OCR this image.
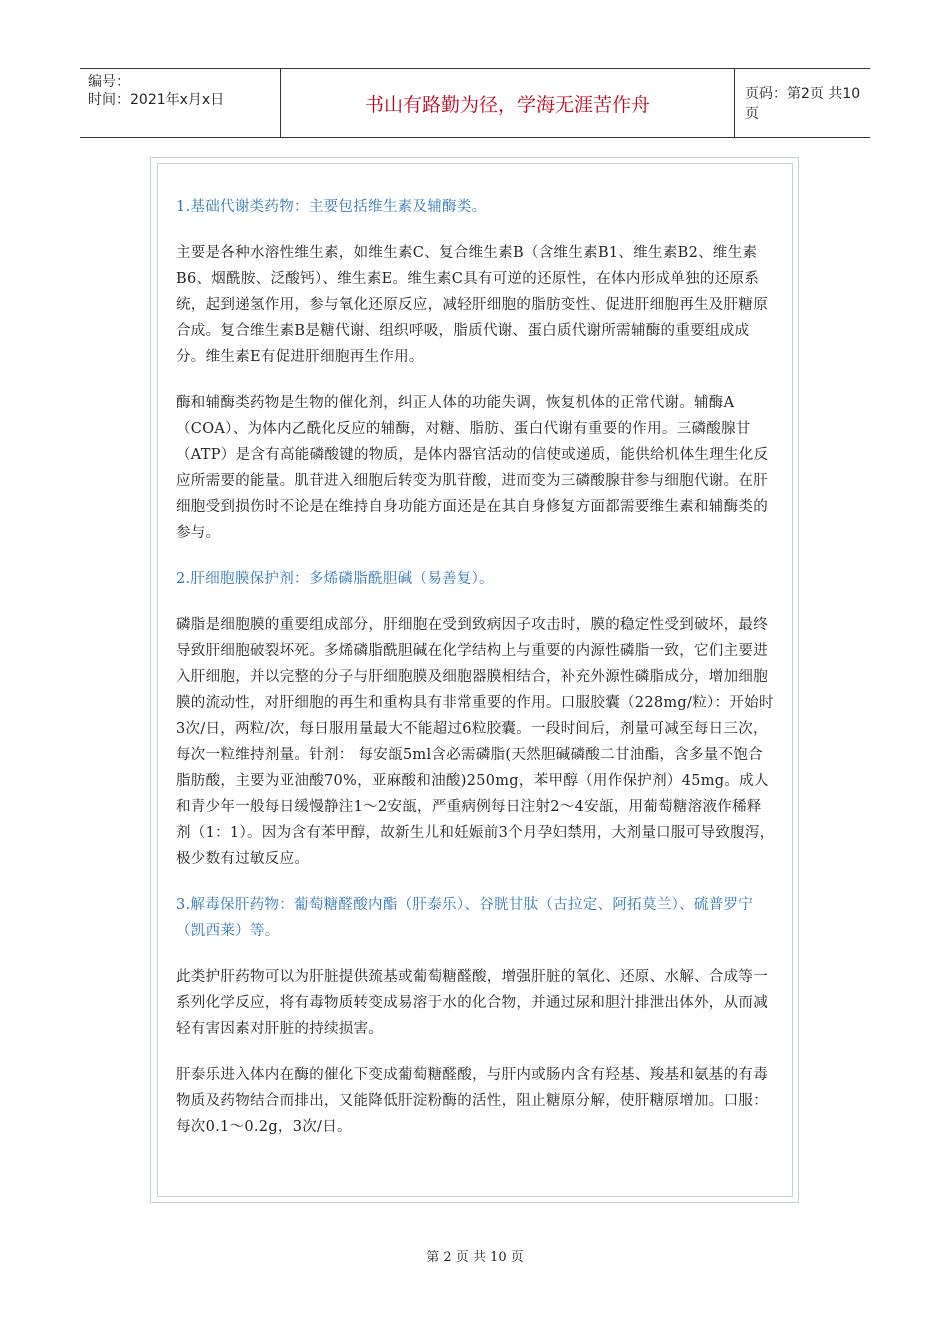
编号：
时间：2021年x月x日	书山有路勤为径，学海无涯苦作舟	页码：第2页 共10页
1.基础代谢类药物：主要包括维生素及辅酶类。

主要是各种水溶性维生素，如维生素C、复合维生素B（含维生素B1、维生素B2、维生素B6、烟酰胺、泛酸钙）、维生素E。维生素C具有可逆的还原性，在体内形成单独的还原系统，起到递氢作用，参与氧化还原反应，减轻肝细胞的脂肪变性、促进肝细胞再生及肝糖原合成。复合维生素B是糖代谢、组织呼吸，脂质代谢、蛋白质代谢所需辅酶的重要组成成分。维生素E有促进肝细胞再生作用。

酶和辅酶类药物是生物的催化剂，纠正人体的功能失调，恢复机体的正常代谢。辅酶A（COA）、为体内乙酰化反应的辅酶，对糖、脂肪、蛋白代谢有重要的作用。三磷酸腺甘（ATP）是含有高能磷酸键的物质，是体内器官活动的信使或递质，能供给机体生理生化反应所需要的能量。肌苷进入细胞后转变为肌苷酸，进而变为三磷酸腺苷参与细胞代谢。在肝细胞受到损伤时不论是在维持自身功能方面还是在其自身修复方面都需要维生素和辅酶类的参与。

2.肝细胞膜保护剂：多烯磷脂酰胆碱（易善复）。

磷脂是细胞膜的重要组成部分，肝细胞在受到致病因子攻击时，膜的稳定性受到破坏，最终导致肝细胞破裂坏死。多烯磷脂酰胆碱在化学结构上与重要的内源性磷脂一致，它们主要进入肝细胞，并以完整的分子与肝细胞膜及细胞器膜相结合，补充外源性磷脂成分，增加细胞膜的流动性，对肝细胞的再生和重构具有非常重要的作用。口服胶囊（228mg/粒）：开始时3次/日，两粒/次，每日服用量最大不能超过6粒胶囊。一段时间后，剂量可减至每日三次，每次一粒维持剂量。针剂： 每安瓿5ml含必需磷脂(天然胆碱磷酸二甘油酯，含多量不饱合脂肪酸，主要为亚油酸70%，亚麻酸和油酸)250mg，苯甲醇（用作保护剂）45mg。成人和青少年一般每日缓慢静注1～2安瓿，严重病例每日注射2～4安瓿，用葡萄糖溶液作稀释剂（1：1）。因为含有苯甲醇，故新生儿和妊娠前3个月孕妇禁用，大剂量口服可导致腹泻，极少数有过敏反应。

3.解毒保肝药物：葡萄糖醛酸内酯（肝泰乐）、谷胱甘肽（古拉定、阿拓莫兰）、硫普罗宁（凯西莱）等。

此类护肝药物可以为肝脏提供巯基或葡萄糖醛酸，增强肝脏的氧化、还原、水解、合成等一系列化学反应，将有毒物质转变成易溶于水的化合物，并通过尿和胆汁排泄出体外，从而减轻有害因素对肝脏的持续损害。

肝泰乐进入体内在酶的催化下变成葡萄糖醛酸，与肝内或肠内含有羟基、羧基和氨基的有毒物质及药物结合而排出，又能降低肝淀粉酶的活性，阻止糖原分解，使肝糖原增加。口服：每次0.1～0.2g，3次/日。

第 2 页 共 10 页
